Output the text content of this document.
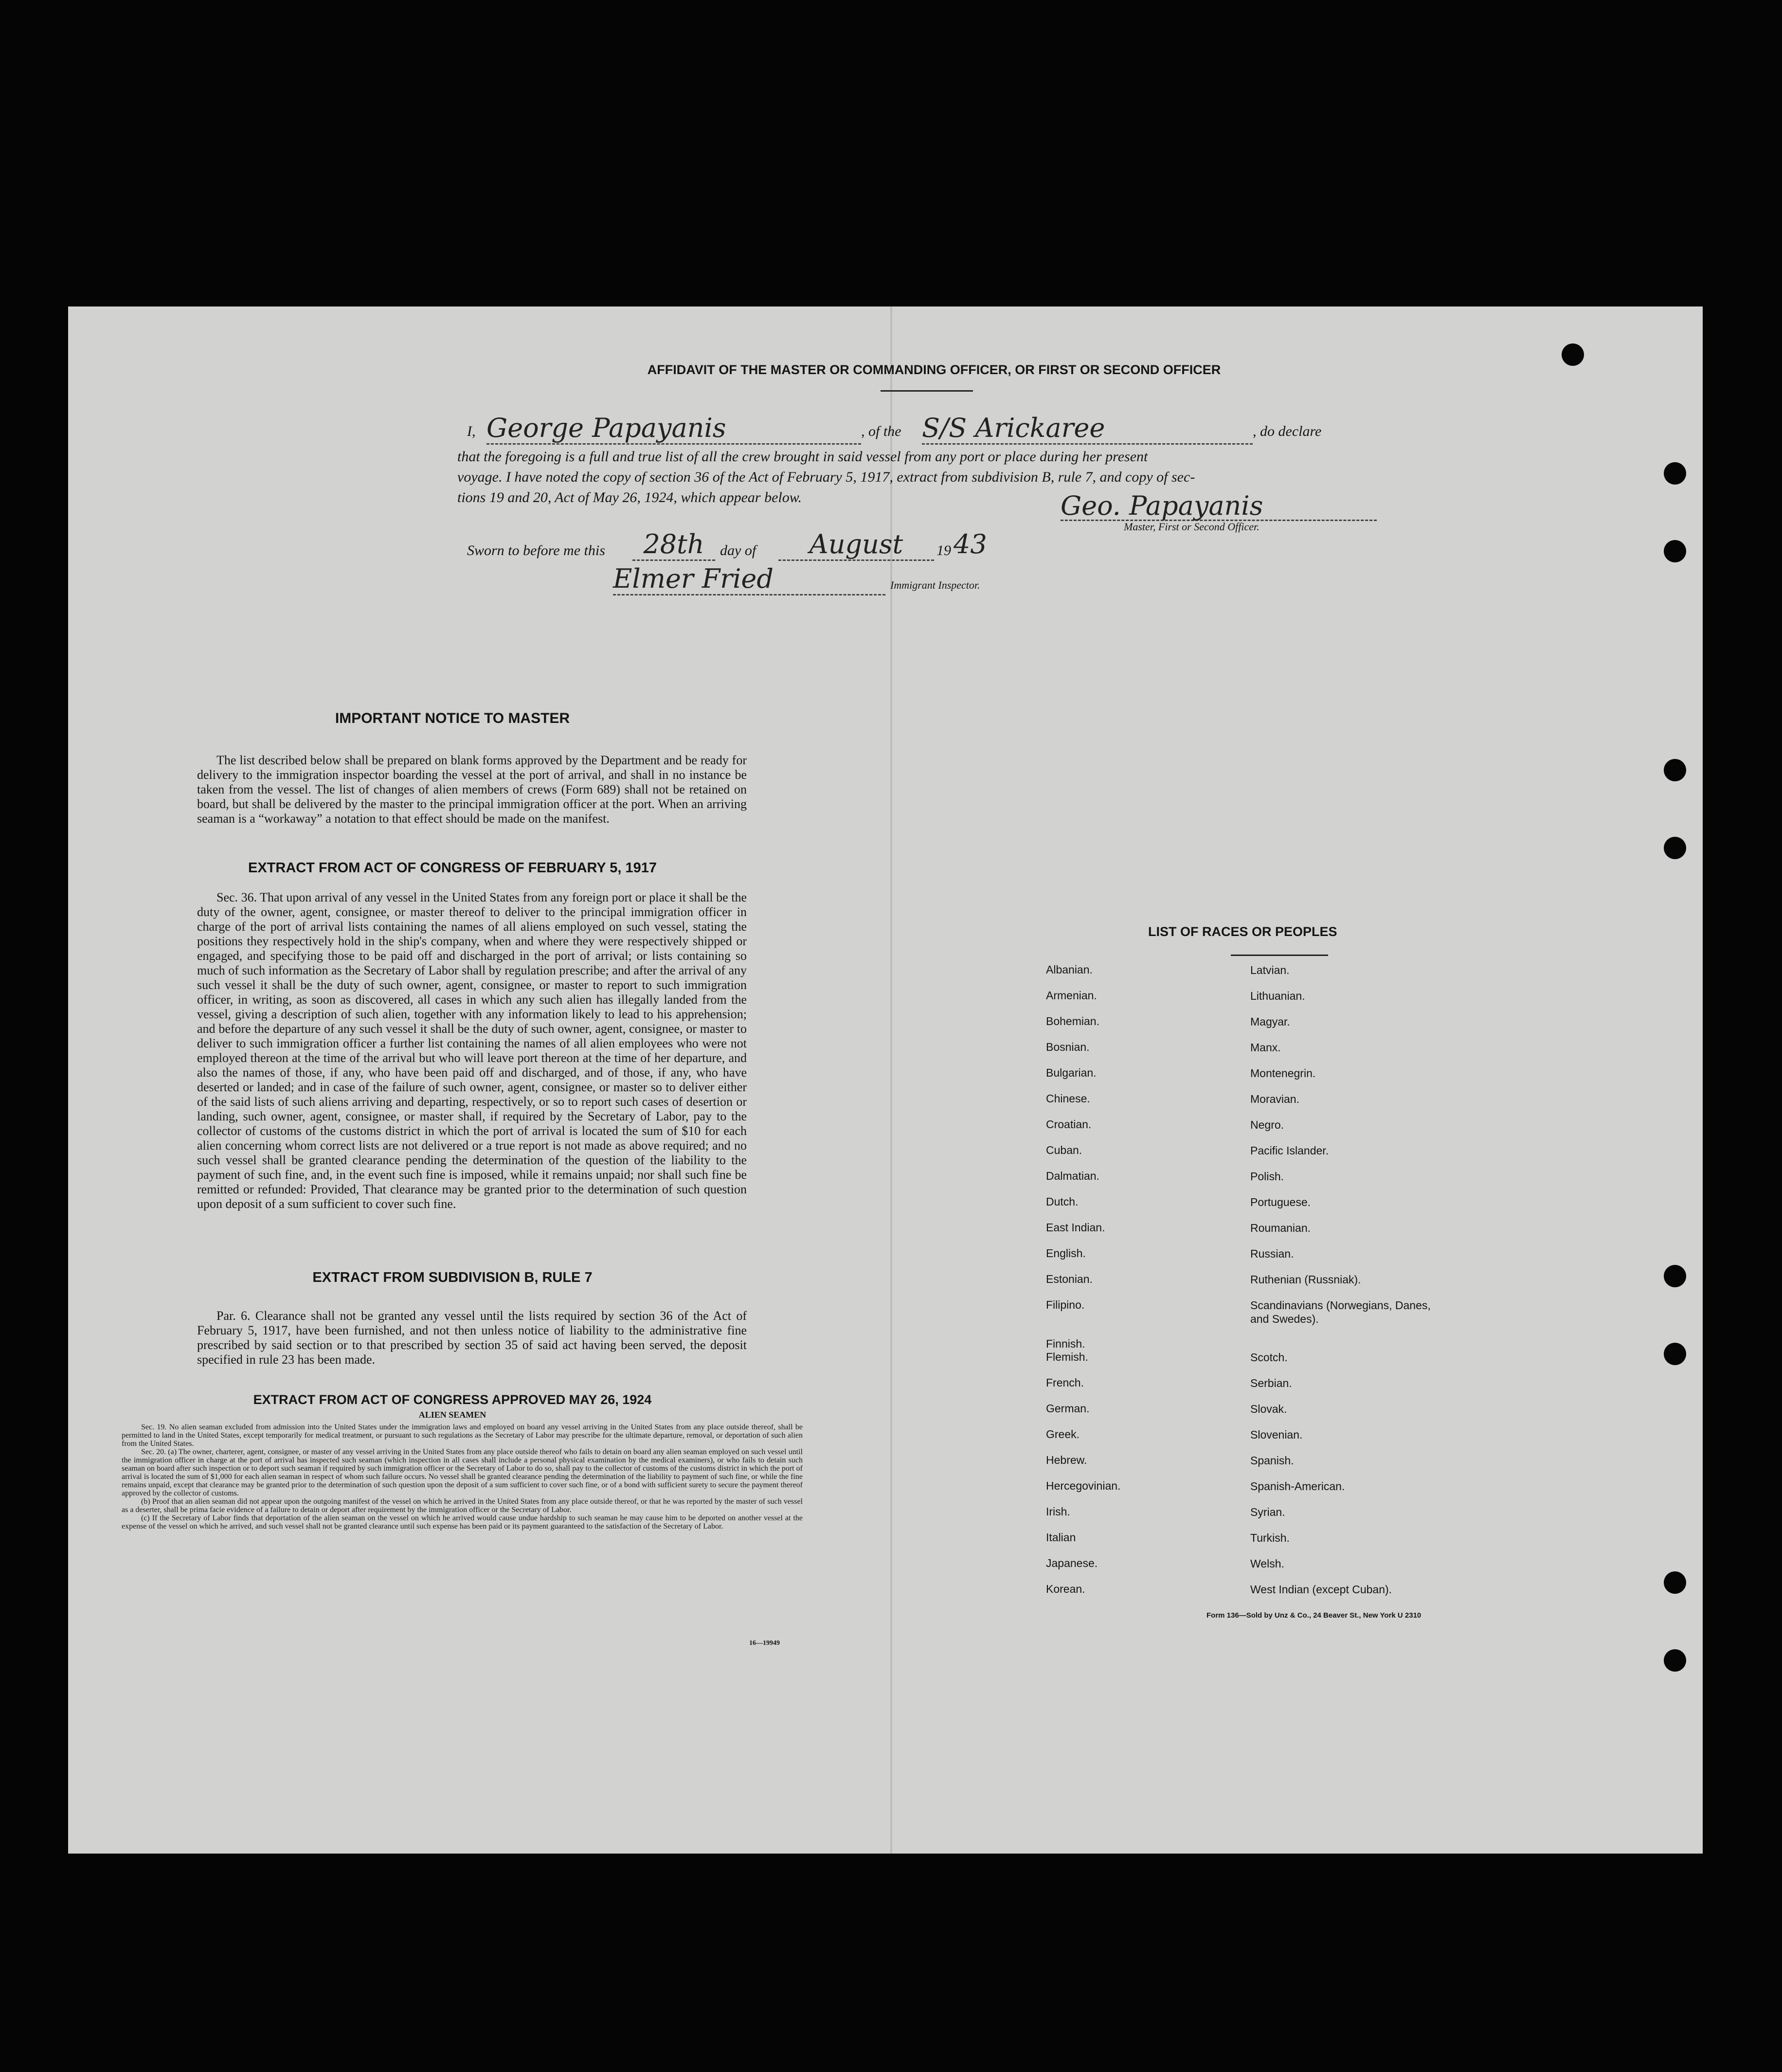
AFFIDAVIT OF THE MASTER OR COMMANDING OFFICER, OR FIRST OR SECOND OFFICER
I, George Papayanis	, of the S/S Arickaree	, do declare
that the foregoing is a full and true list of all the crew brought in said vessel from any port or place during her present
voyage. I have noted the copy of section 36 of the Act of February 5, 1917, extract from subdivision B, rule 7, and copy of sec-
tions 19 and 20, Act of May 26, 1924, which appear below.	Geo. Papayanis
Master, First or Second Officer.
Sworn to before me this	28th	day of	August	19 43
Elmer Fried	Immigrant Inspector.
IMPORTANT NOTICE TO MASTER
The list described below shall be prepared on blank forms approved by the Department and be ready for delivery to the immigration inspector boarding the vessel at the port of arrival, and shall in no instance be taken from the vessel. The list of changes of alien members of crews (Form 689) shall not be retained on board, but shall be delivered by the master to the principal immigration officer at the port. When an arriving seaman is a “workaway” a notation to that effect should be made on the manifest.
EXTRACT FROM ACT OF CONGRESS OF FEBRUARY 5, 1917
Sec. 36. That upon arrival of any vessel in the United States from any foreign port or place it shall be the duty of the owner, agent, consignee, or master thereof to deliver to the principal immigration officer in charge of the port of arrival lists containing the names of all aliens employed on such vessel, stating the positions they respectively hold in the ship's company, when and where they were respectively shipped or engaged, and specifying those to be paid off and discharged in the port of arrival; or lists containing so much of such information as the Secretary of Labor shall by regulation prescribe; and after the arrival of any such vessel it shall be the duty of such owner, agent, consignee, or master to report to such immigration officer, in writing, as soon as discovered, all cases in which any such alien has illegally landed from the vessel, giving a description of such alien, together with any information likely to lead to his apprehension; and before the departure of any such vessel it shall be the duty of such owner, agent, consignee, or master to deliver to such immigration officer a further list containing the names of all alien employees who were not employed thereon at the time of the arrival but who will leave port thereon at the time of her departure, and also the names of those, if any, who have been paid off and discharged, and of those, if any, who have deserted or landed; and in case of the failure of such owner, agent, consignee, or master so to deliver either of the said lists of such aliens arriving and departing, respectively, or so to report such cases of desertion or landing, such owner, agent, consignee, or master shall, if required by the Secretary of Labor, pay to the collector of customs of the customs district in which the port of arrival is located the sum of $10 for each alien concerning whom correct lists are not delivered or a true report is not made as above required; and no such vessel shall be granted clearance pending the determination of the question of the liability to the payment of such fine, and, in the event such fine is imposed, while it remains unpaid; nor shall such fine be remitted or refunded: Provided, That clearance may be granted prior to the determination of such question upon deposit of a sum sufficient to cover such fine.
EXTRACT FROM SUBDIVISION B, RULE 7
Par. 6. Clearance shall not be granted any vessel until the lists required by section 36 of the Act of February 5, 1917, have been furnished, and not then unless notice of liability to the administrative fine prescribed by said section or to that prescribed by section 35 of said act having been served, the deposit specified in rule 23 has been made.
EXTRACT FROM ACT OF CONGRESS APPROVED MAY 26, 1924
ALIEN SEAMEN
Sec. 19. No alien seaman excluded from admission into the United States under the immigration laws and employed on board any vessel arriving in the United States from any place outside thereof, shall be permitted to land in the United States, except temporarily for medical treatment, or pursuant to such regulations as the Secretary of Labor may prescribe for the ultimate departure, removal, or deportation of such alien from the United States.
Sec. 20. (a) The owner, charterer, agent, consignee, or master of any vessel arriving in the United States from any place outside thereof who fails to detain on board any alien seaman employed on such vessel until the immigration officer in charge at the port of arrival has inspected such seaman (which inspection in all cases shall include a personal physical examination by the medical examiners), or who fails to detain such seaman on board after such inspection or to deport such seaman if required by such immigration officer or the Secretary of Labor to do so, shall pay to the collector of customs of the customs district in which the port of arrival is located the sum of $1,000 for each alien seaman in respect of whom such failure occurs. No vessel shall be granted clearance pending the determination of the liability to payment of such fine, or while the fine remains unpaid, except that clearance may be granted prior to the determination of such question upon the deposit of a sum sufficient to cover such fine, or of a bond with sufficient surety to secure the payment thereof approved by the collector of customs.
(b) Proof that an alien seaman did not appear upon the outgoing manifest of the vessel on which he arrived in the United States from any place outside thereof, or that he was reported by the master of such vessel as a deserter, shall be prima facie evidence of a failure to detain or deport after requirement by the immigration officer or the Secretary of Labor.
(c) If the Secretary of Labor finds that deportation of the alien seaman on the vessel on which he arrived would cause undue hardship to such seaman he may cause him to be deported on another vessel at the expense of the vessel on which he arrived, and such vessel shall not be granted clearance until such expense has been paid or its payment guaranteed to the satisfaction of the Secretary of Labor.
16—19949
LIST OF RACES OR PEOPLES
Albanian.	Latvian.
Armenian.	Lithuanian.
Bohemian.	Magyar.
Bosnian.	Manx.
Bulgarian.	Montenegrin.
Chinese.	Moravian.
Croatian.	Negro.
Cuban.	Pacific Islander.
Dalmatian.	Polish.
Dutch.	Portuguese.
East Indian.	Roumanian.
English.	Russian.
Estonian.	Ruthenian (Russniak).
Filipino.	Scandinavians (Norwegians, Danes, and Swedes).
Finnish.
Flemish.	Scotch.
French.	Serbian.
German.	Slovak.
Greek.	Slovenian.
Hebrew.	Spanish.
Hercegovinian.	Spanish-American.
Irish.	Syrian.
Italian	Turkish.
Japanese.	Welsh.
Korean.	West Indian (except Cuban).
Form 136—Sold by Unz & Co., 24 Beaver St., New York U 2310
